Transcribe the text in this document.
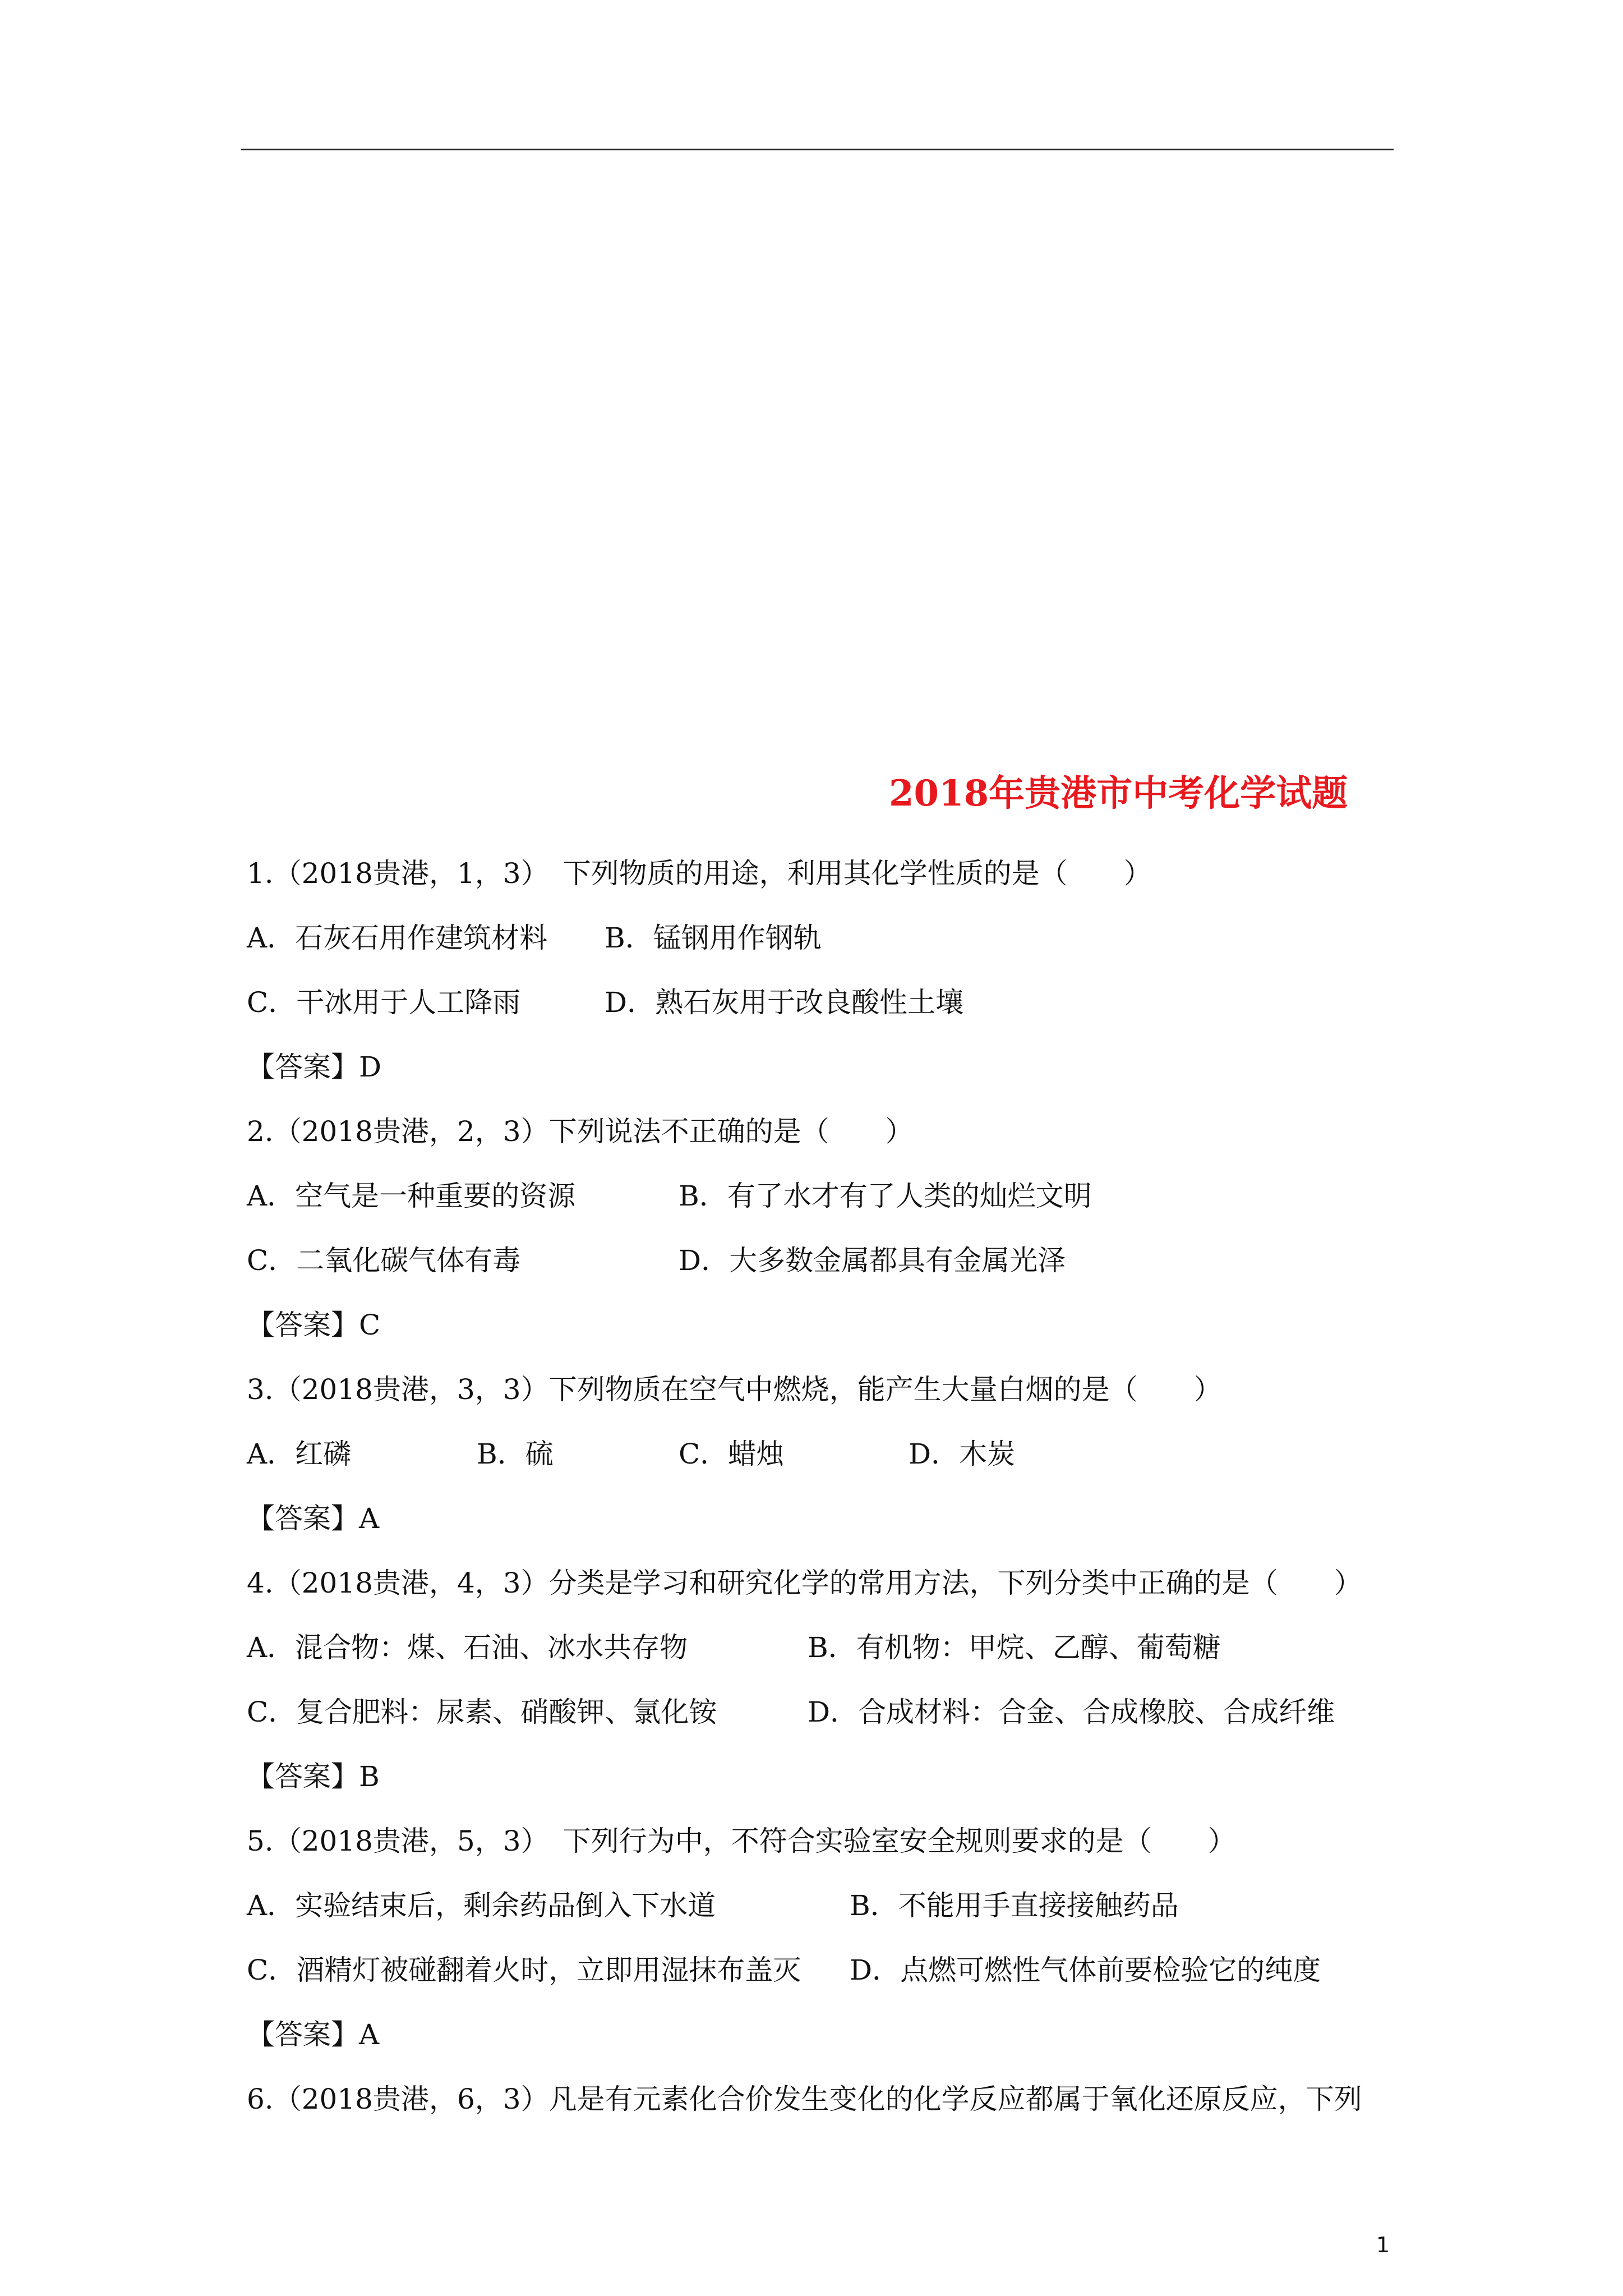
2018年贵港市中考化学试题
1.（2018贵港，1，3）　下列物质的用途，利用其化学性质的是（　　）
A．石灰石用作建筑材料 B．锰钢用作钢轨
C．干冰用于人工降雨	D．熟石灰用于改良酸性土壤
【答案】D
2.（2018贵港，2，3）下列说法不正确的是（　　）
A．空气是一种重要的资源	B．有了水才有了人类的灿烂文明
C．二氧化碳气体有毒	D．大多数金属都具有金属光泽
【答案】C
3.（2018贵港，3，3）下列物质在空气中燃烧，能产生大量白烟的是（　　）
A．红磷	B．硫	C．蜡烛	D．木炭
【答案】A
4.（2018贵港，4，3）分类是学习和研究化学的常用方法，下列分类中正确的是（　　）
A．混合物：煤、石油、冰水共存物	B．有机物：甲烷、乙醇、葡萄糖
C．复合肥料：尿素、硝酸钾、氯化铵	D．合成材料：合金、合成橡胶、合成纤维
【答案】B
5.（2018贵港，5，3）　下列行为中，不符合实验室安全规则要求的是（　　）
A．实验结束后，剩余药品倒入下水道	B．不能用手直接接触药品
C．酒精灯被碰翻着火时，立即用湿抹布盖灭 D．点燃可燃性气体前要检验它的纯度
【答案】A
6.（2018贵港，6，3）凡是有元素化合价发生变化的化学反应都属于氧化还原反应，下列
1
